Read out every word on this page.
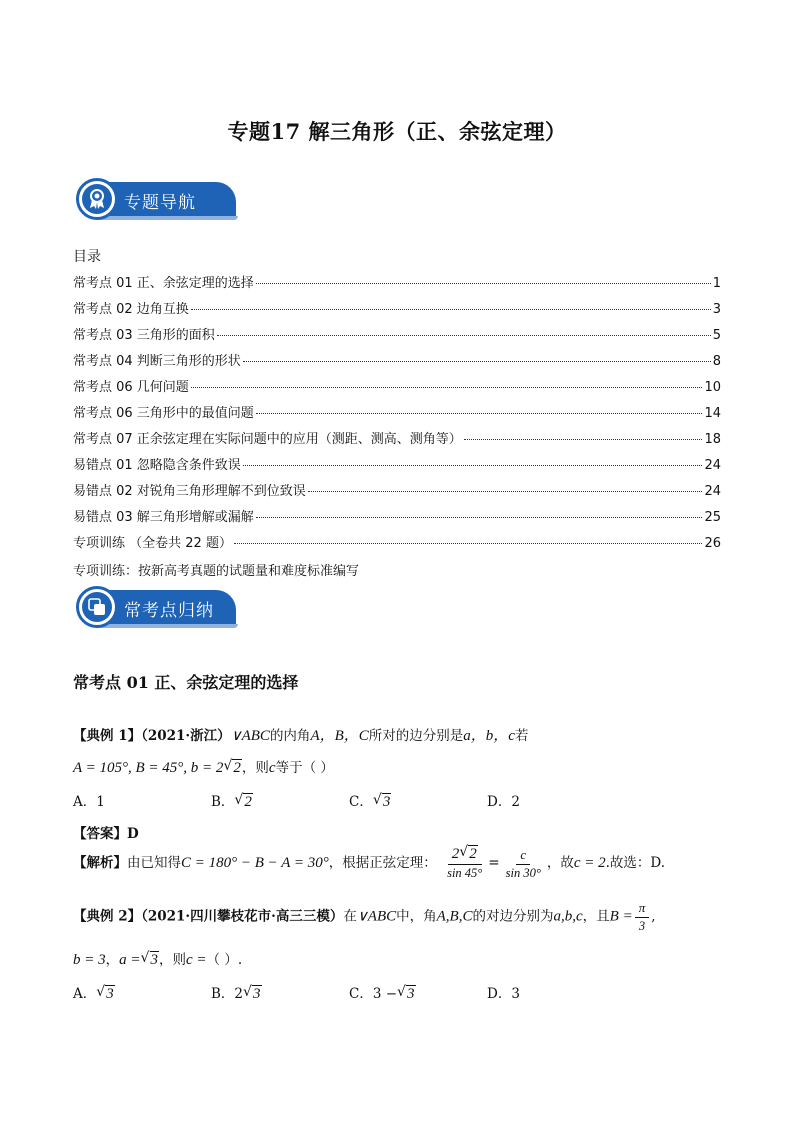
专题17 解三角形（正、余弦定理）
专题导航
目录
常考点 01 正、余弦定理的选择	1
常考点 02 边角互换	3
常考点 03 三角形的面积	5
常考点 04 判断三角形的形状	8
常考点 06 几何问题	10
常考点 06 三角形中的最值问题	14
常考点 07 正余弦定理在实际问题中的应用（测距、测高、测角等）	18
易错点 01 忽略隐含条件致误	24
易错点 02 对锐角三角形理解不到位致误	24
易错点 03 解三角形增解或漏解	25
专项训练 （全卷共 22 题）	26
专项训练：按新高考真题的试题量和难度标准编写
常考点归纳
常考点 01 正、余弦定理的选择
【典例 1】（2021·浙江）∨ABC的内角A，B，C所对的边分别是a，b，c若
A = 105°, B = 45°, b = 2 √ 2，则c等于（ ）
A．1	B． √ 2	C． √ 3	D．2
【答案】D
【解析】由已知得C = 180° − B − A = 30°，根据正弦定理： $\frac{2 √ 2}{\sin 45^\circ} = \frac{c}{\sin 30^\circ}$ ，故c = 2.故选：D.
【典例 2】（2021·四川攀枝花市·高三三模）在∨ABC中，角A,B,C的对边分别为a,b,c，且$B = \frac{\pi}{3}$ ,
b = 3，a = √ 3，则c =（ ）.
A． √ 3	B．2 √ 3	C．3 − √ 3	D．3
